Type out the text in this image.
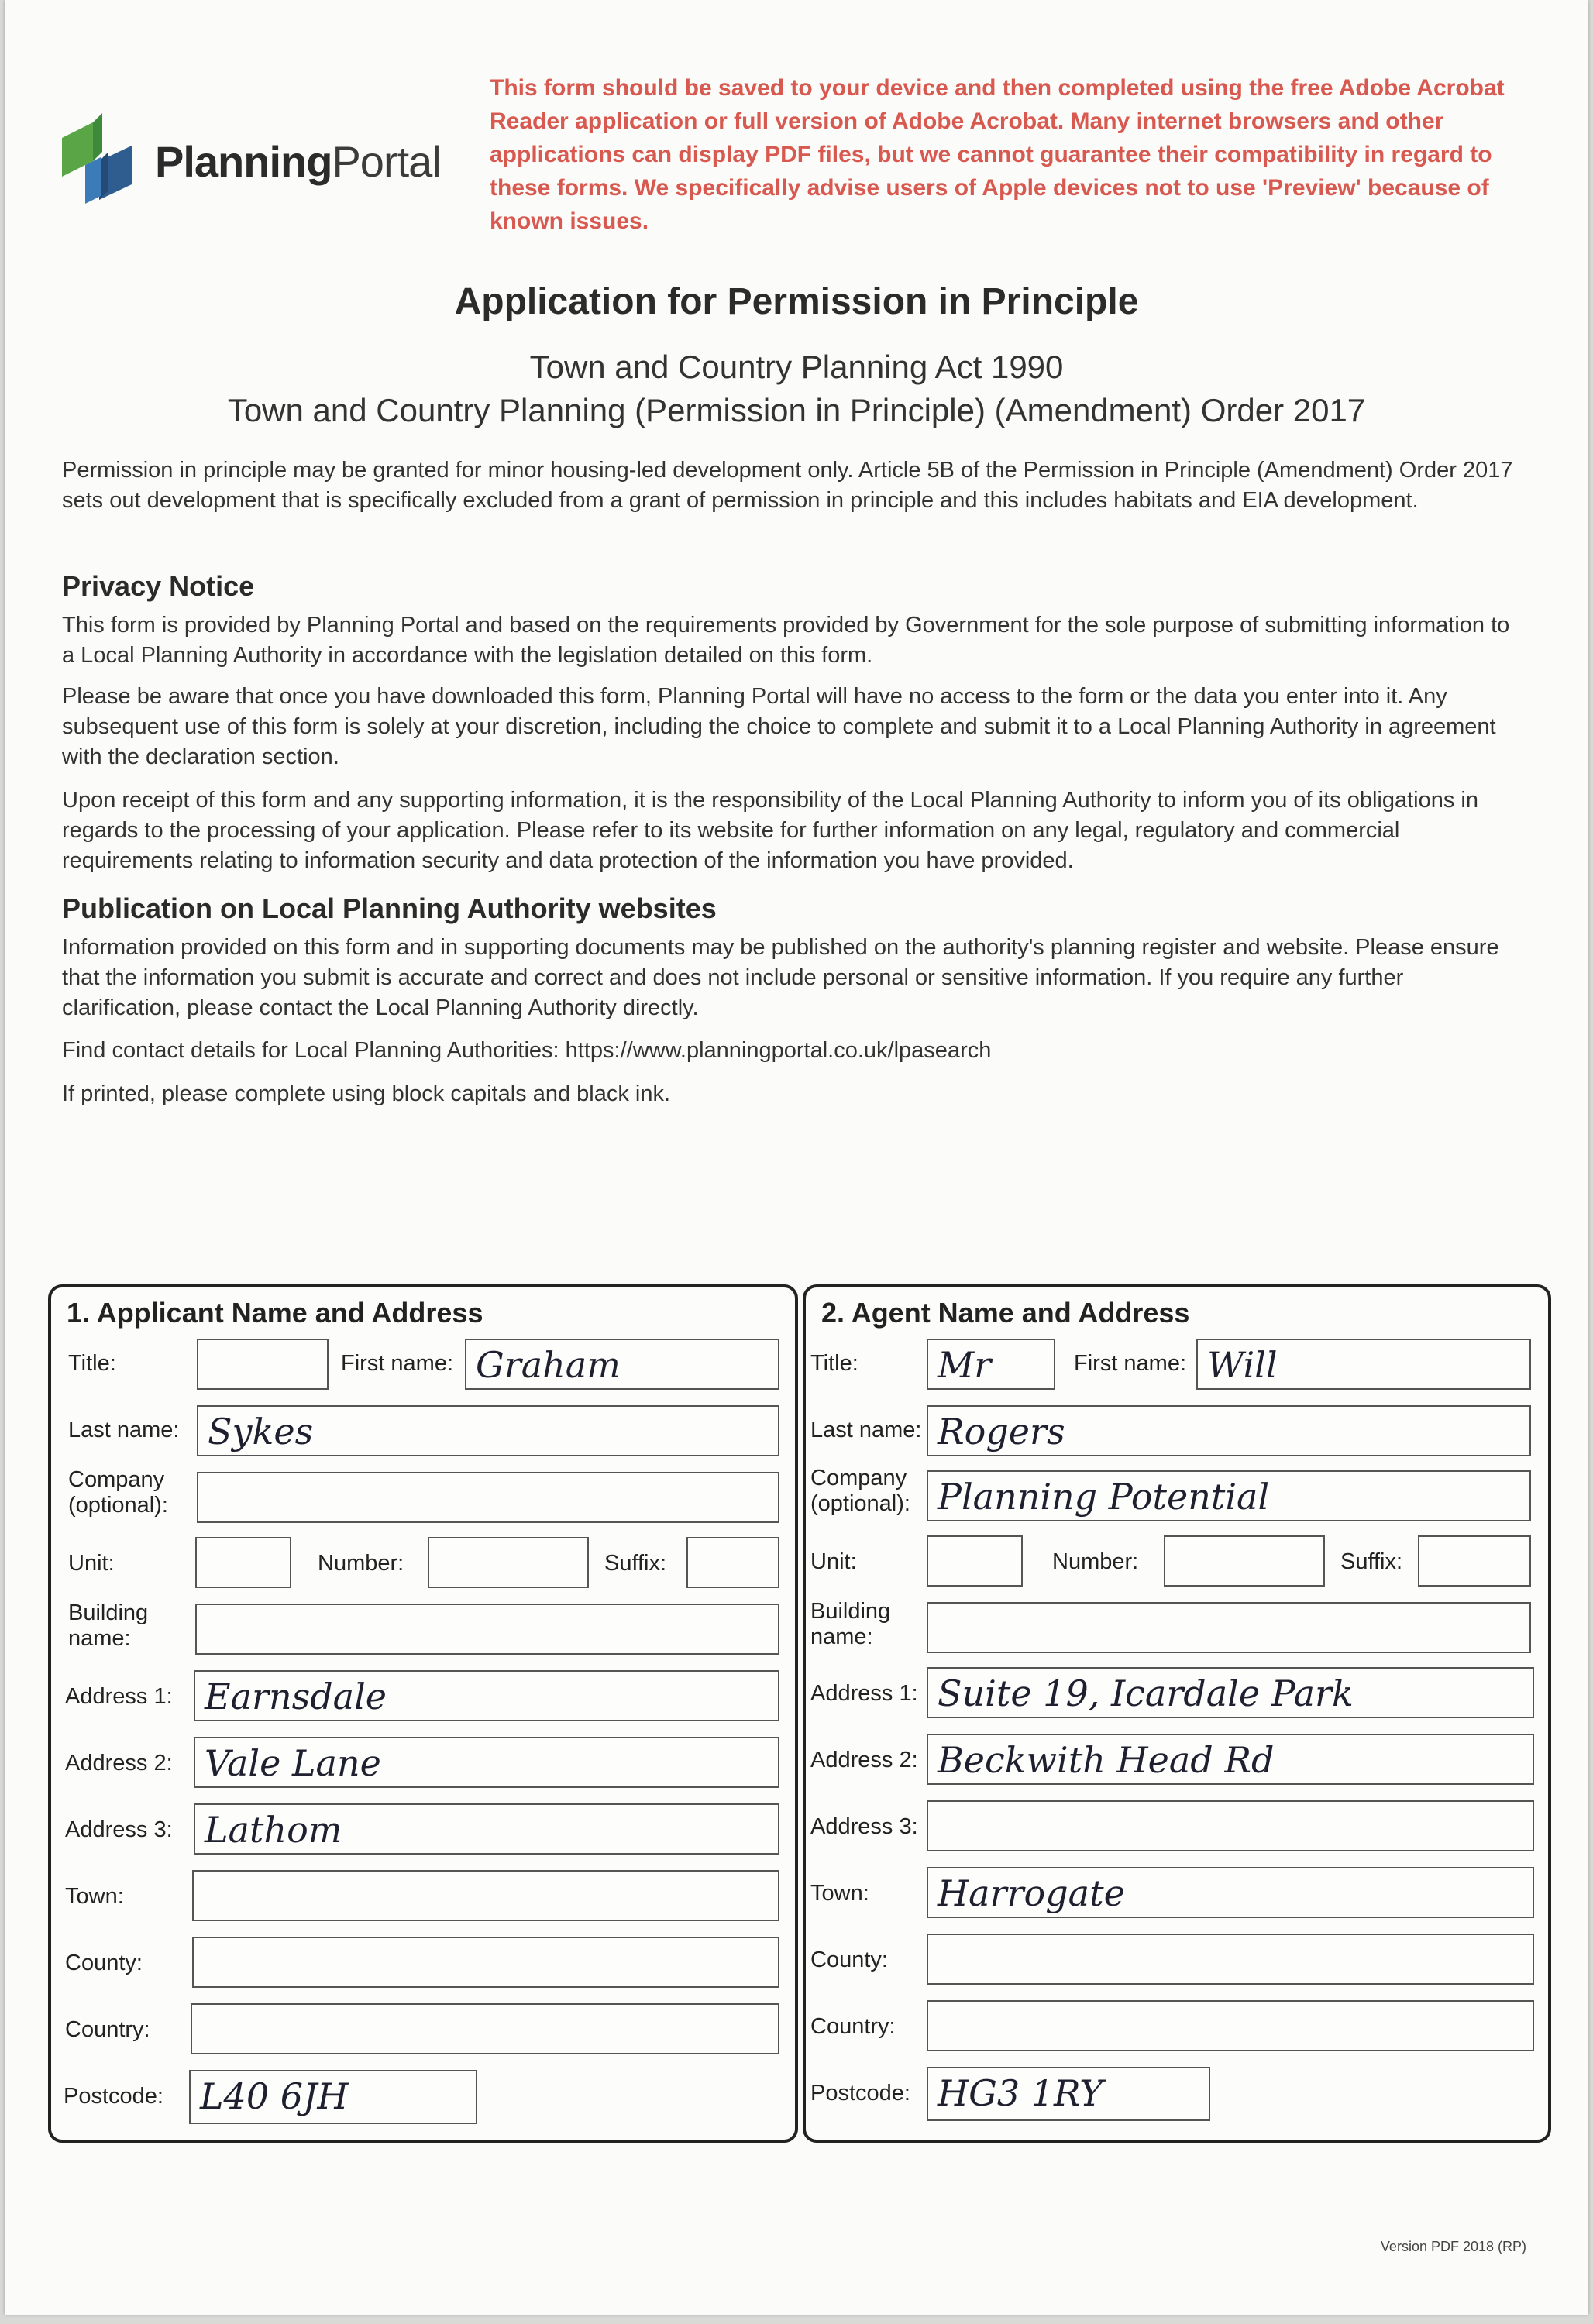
PlanningPortal
This form should be saved to your device and then completed using the free Adobe Acrobat Reader application or full version of Adobe Acrobat. Many internet browsers and other applications can display PDF files, but we cannot guarantee their compatibility in regard to these forms. We specifically advise users of Apple devices not to use 'Preview' because of known issues.
Application for Permission in Principle
Town and Country Planning Act 1990
Town and Country Planning (Permission in Principle) (Amendment) Order 2017
Permission in principle may be granted for minor housing-led development only. Article 5B of the Permission in Principle (Amendment) Order 2017 sets out development that is specifically excluded from a grant of permission in principle and this includes habitats and EIA development.
Privacy Notice
This form is provided by Planning Portal and based on the requirements provided by Government for the sole purpose of submitting information to a Local Planning Authority in accordance with the legislation detailed on this form.
Please be aware that once you have downloaded this form, Planning Portal will have no access to the form or the data you enter into it. Any subsequent use of this form is solely at your discretion, including the choice to complete and submit it to a Local Planning Authority in agreement with the declaration section.
Upon receipt of this form and any supporting information, it is the responsibility of the Local Planning Authority to inform you of its obligations in regards to the processing of your application. Please refer to its website for further information on any legal, regulatory and commercial requirements relating to information security and data protection of the information you have provided.
Publication on Local Planning Authority websites
Information provided on this form and in supporting documents may be published on the authority's planning register and website. Please ensure that the information you submit is accurate and correct and does not include personal or sensitive information. If you require any further clarification, please contact the Local Planning Authority directly.
Find contact details for Local Planning Authorities: https://www.planningportal.co.uk/lpasearch
If printed, please complete using block capitals and black ink.
1. Applicant Name and Address
Title:	First name: Graham
Last name: Sykes
Company (optional):
Unit:	Number:	Suffix:
Building name:
Address 1: Earnsdale
Address 2: Vale Lane
Address 3: Lathom
Town:
County:
Country:
Postcode: L40 6JH
2. Agent Name and Address
Title: Mr	First name: Will
Last name: Rogers
Company (optional): Planning Potential
Unit:	Number:	Suffix:
Building name:
Address 1: Suite 19, Icardale Park
Address 2: Beckwith Head Rd
Address 3:
Town: Harrogate
County:
Country:
Postcode: HG3 1RY
Version PDF 2018 (RP)
